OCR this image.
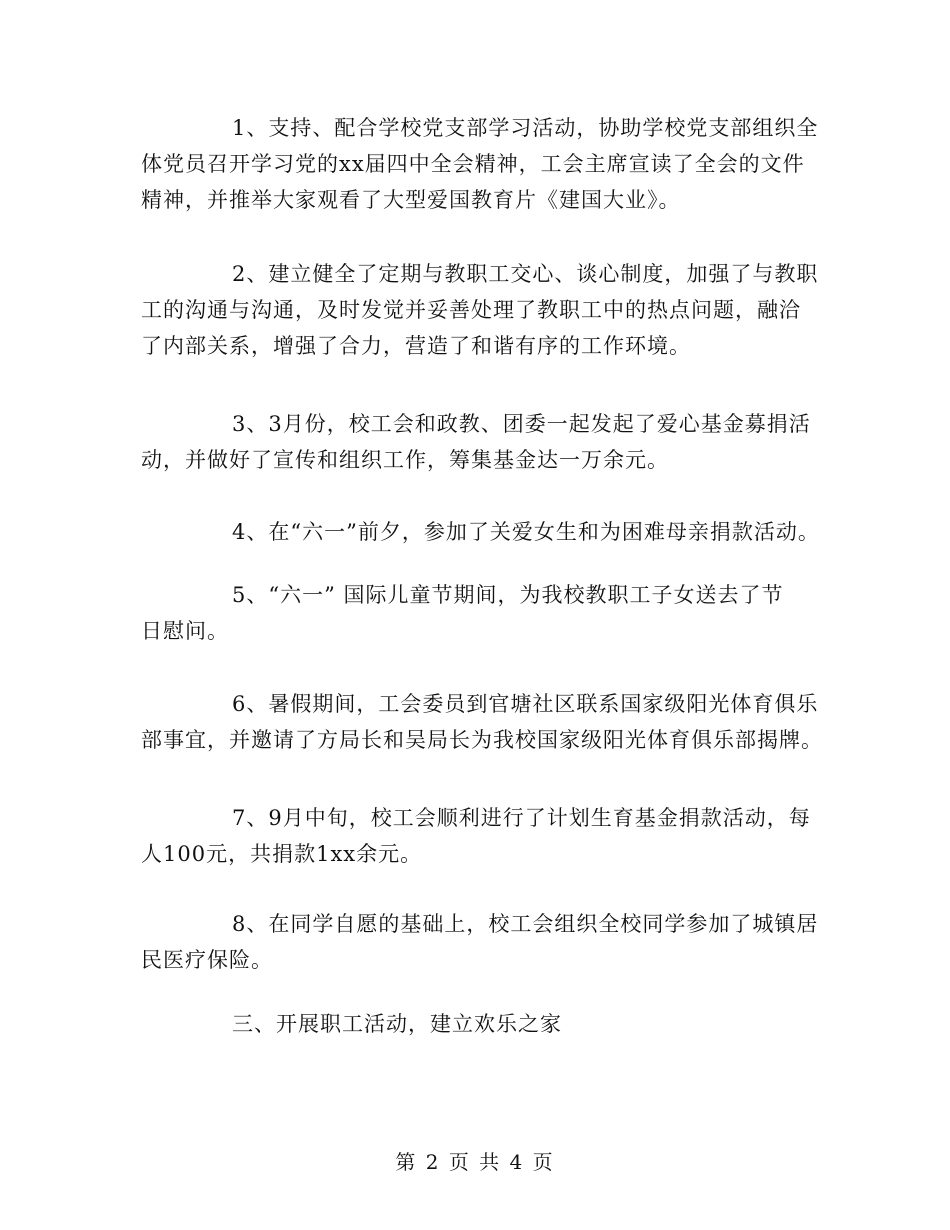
1、支持、配合学校党支部学习活动，协助学校党支部组织全
体党员召开学习党的xx届四中全会精神，工会主席宣读了全会的文件
精神，并推举大家观看了大型爱国教育片《建国大业》。
2、建立健全了定期与教职工交心、谈心制度，加强了与教职
工的沟通与沟通，及时发觉并妥善处理了教职工中的热点问题，融洽
了内部关系，增强了合力，营造了和谐有序的工作环境。
3、3月份，校工会和政教、团委一起发起了爱心基金募捐活
动，并做好了宣传和组织工作，筹集基金达一万余元。
4、在“六一”前夕，参加了关爱女生和为困难母亲捐款活动。
5、“六一” 国际儿童节期间，为我校教职工子女送去了节
日慰问。
6、暑假期间，工会委员到官塘社区联系国家级阳光体育俱乐
部事宜，并邀请了方局长和吴局长为我校国家级阳光体育俱乐部揭牌。
7、9月中旬，校工会顺利进行了计划生育基金捐款活动，每
人100元，共捐款1xx余元。
8、在同学自愿的基础上，校工会组织全校同学参加了城镇居
民医疗保险。
三、开展职工活动，建立欢乐之家
第 2 页 共 4 页
